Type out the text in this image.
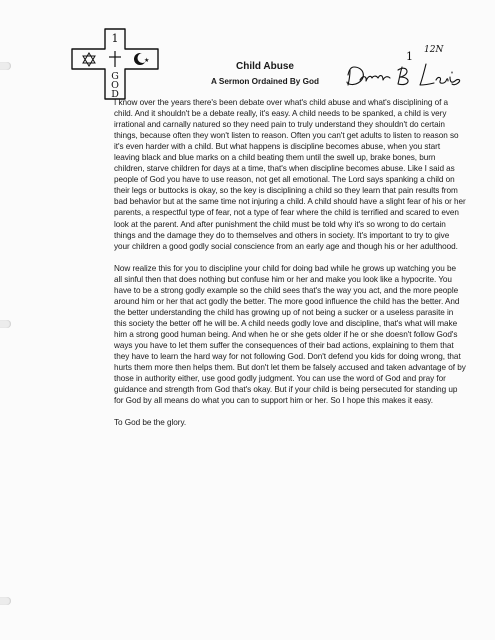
1
★
G
O
D
Child Abuse
A Sermon Ordained By God
12N
1

I know over the years there's been debate over what's child abuse and what's disciplining of a child. And it shouldn't be a debate really, it's easy. A child needs to be spanked, a child is very irrational and carnally natured so they need pain to truly understand they shouldn't do certain things, because often they won't listen to reason. Often you can't get adults to listen to reason so it's even harder with a child. But what happens is discipline becomes abuse, when you start leaving black and blue marks on a child beating them until the swell up, brake bones, burn children, starve children for days at a time, that's when discipline becomes abuse. Like I said as people of God you have to use reason, not get all emotional. The Lord says spanking a child on their legs or buttocks is okay, so the key is disciplining a child so they learn that pain results from bad behavior but at the same time not injuring a child. A child should have a slight fear of his or her parents, a respectful type of fear, not a type of fear where the child is terrified and scared to even look at the parent. And after punishment the child must be told why it's so wrong to do certain things and the damage they do to themselves and others in society. It's important to try to give your children a good godly social conscience from an early age and though his or her adulthood.

Now realize this for you to discipline your child for doing bad while he grows up watching you be all sinful then that does nothing but confuse him or her and make you look like a hypocrite. You have to be a strong godly example so the child sees that's the way you act, and the more people around him or her that act godly the better. The more good influence the child has the better. And the better understanding the child has growing up of not being a sucker or a useless parasite in this society the better off he will be. A child needs godly love and discipline, that's what will make him a strong good human being. And when he or she gets older if he or she doesn't follow God's ways you have to let them suffer the consequences of their bad actions, explaining to them that they have to learn the hard way for not following God. Don't defend you kids for doing wrong, that hurts them more then helps them. But don't let them be falsely accused and taken advantage of by those in authority either, use good godly judgment. You can use the word of God and pray for guidance and strength from God that's okay. But if your child is being persecuted for standing up for God by all means do what you can to support him or her. So I hope this makes it easy.

To God be the glory.
